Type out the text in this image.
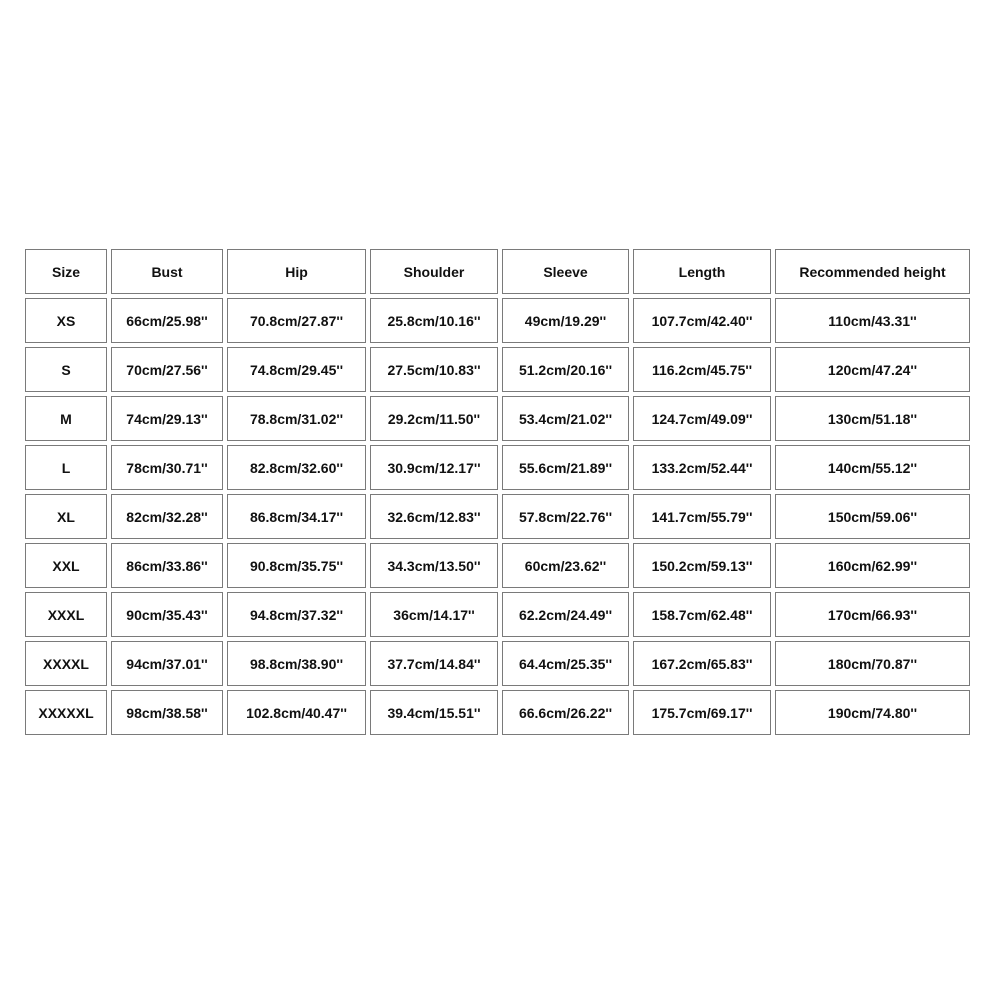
Size	Bust	Hip	Shoulder	Sleeve	Length	Recommended height
XS	66cm/25.98''	70.8cm/27.87''	25.8cm/10.16''	49cm/19.29''	107.7cm/42.40''	110cm/43.31''
S	70cm/27.56''	74.8cm/29.45''	27.5cm/10.83''	51.2cm/20.16''	116.2cm/45.75''	120cm/47.24''
M	74cm/29.13''	78.8cm/31.02''	29.2cm/11.50''	53.4cm/21.02''	124.7cm/49.09''	130cm/51.18''
L	78cm/30.71''	82.8cm/32.60''	30.9cm/12.17''	55.6cm/21.89''	133.2cm/52.44''	140cm/55.12''
XL	82cm/32.28''	86.8cm/34.17''	32.6cm/12.83''	57.8cm/22.76''	141.7cm/55.79''	150cm/59.06''
XXL	86cm/33.86''	90.8cm/35.75''	34.3cm/13.50''	60cm/23.62''	150.2cm/59.13''	160cm/62.99''
XXXL	90cm/35.43''	94.8cm/37.32''	36cm/14.17''	62.2cm/24.49''	158.7cm/62.48''	170cm/66.93''
XXXXL	94cm/37.01''	98.8cm/38.90''	37.7cm/14.84''	64.4cm/25.35''	167.2cm/65.83''	180cm/70.87''
XXXXXL	98cm/38.58''	102.8cm/40.47''	39.4cm/15.51''	66.6cm/26.22''	175.7cm/69.17''	190cm/74.80''
